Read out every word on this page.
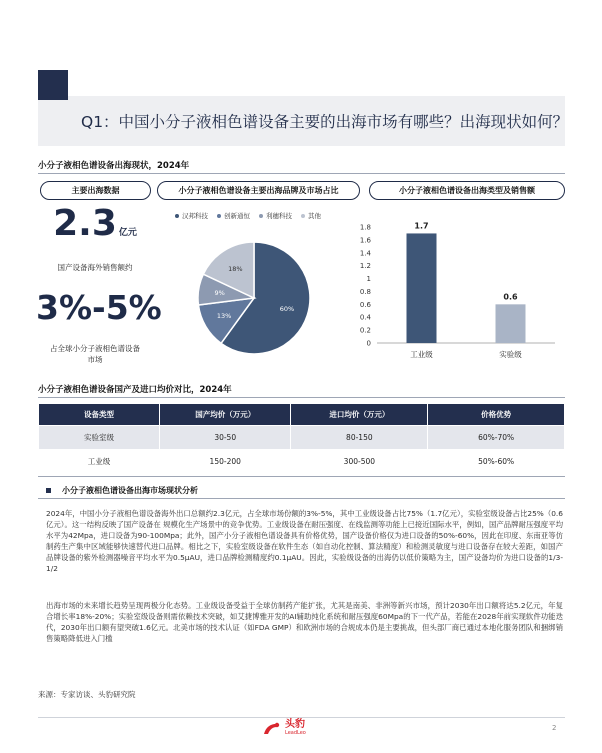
Q1：中国小分子液相色谱设备主要的出海市场有哪些？出海现状如何？
小分子液相色谱设备出海现状，2024年
主要出海数据	小分子液相色谱设备主要出海品牌及市场占比	小分子液相色谱设备出海类型及销售额
2.3 亿元
国产设备海外销售额约
3%-5%
占全球小分子液相色谱设备
市场
汉邦科技 创新通恒 利穗科技 其他
60%
13%
9%
18%
0
0.2
0.4
0.6
0.8
1
1.2
1.4
1.6
1.8	1.7
工业级
0.6
实验级
小分子液相色谱设备国产及进口均价对比，2024年
设备类型	国产均价（万元）	进口均价（万元）	价格优势
实验室级	30-50	80-150	60%-70%
工业级	150-200	300-500	50%-60%
小分子液相色谱设备出海市场现状分析
2024年，中国小分子液相色谱设备海外出口总额约2.3亿元，占全球市场份额的3%-5%，其中工业级设备占比75%（1.7亿元），实验室级设备占比25%（0.6亿元）。这一结构反映了国产设备在 规模化生产场景中的竞争优势。工业级设备在耐压强度、在线监测等功能上已接近国际水平，例如，国产品牌耐压强度平均水平为42Mpa，进口设备为90-100Mpa；此外，国产小分子液相色谱设备具有价格优势，国产设备价格仅为进口设备的50%-60%，因此在印度、东南亚等仿制药生产集中区域能够快速替代进口品牌。相比之下，实验室级设备在软件生态（如自动化控制、算法精度）和检测灵敏度与进口设备存在较大差距，如国产品牌设备的紫外检测器噪音平均水平为0.5μAU，进口品牌检测精度约0.1μAU。因此，实验级设备的出海仍以低价策略为主，国产设备均价为进口设备的1/3-1/2
出海市场的未来增长趋势呈现两极分化态势。工业级设备受益于全球仿制药产能扩张，尤其是南美、非洲等新兴市场，预计2030年出口额将达5.2亿元，年复合增长率18%-20%；实验室级设备则需依赖技术突破，如艾捷博雅开发的AI辅助纯化系统和耐压强度60Mpa的下一代产品，若能在2028年前实现软件功能迭代，2030年出口额有望突破1.6亿元。北美市场的技术认证（如FDA GMP）和欧洲市场的合规成本仍是主要挑战，但头部厂商已通过本地化服务团队和捆绑销售策略降低进入门槛
来源：专家访谈、头豹研究院
头豹
LeadLeo
2
